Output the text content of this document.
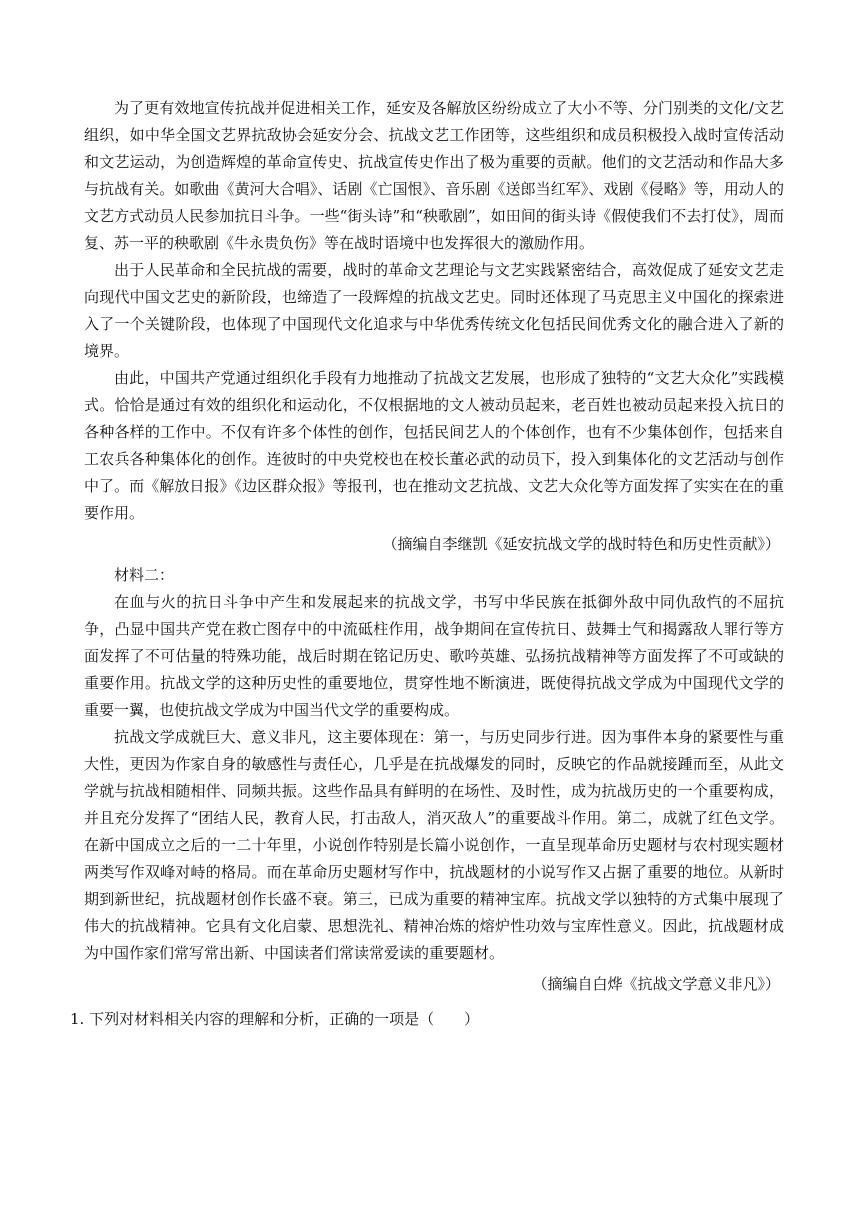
为了更有效地宣传抗战并促进相关工作，延安及各解放区纷纷成立了大小不等、分门别类的文化/文艺组织，如中华全国文艺界抗敌协会延安分会、抗战文艺工作团等，这些组织和成员积极投入战时宣传活动和文艺运动，为创造辉煌的革命宣传史、抗战宣传史作出了极为重要的贡献。他们的文艺活动和作品大多与抗战有关。如歌曲《黄河大合唱》、话剧《亡国恨》、音乐剧《送郎当红军》、戏剧《侵略》等，用动人的文艺方式动员人民参加抗日斗争。一些“街头诗”和“秧歌剧”，如田间的街头诗《假使我们不去打仗》，周而复、苏一平的秧歌剧《牛永贵负伤》等在战时语境中也发挥很大的激励作用。

出于人民革命和全民抗战的需要，战时的革命文艺理论与文艺实践紧密结合，高效促成了延安文艺走向现代中国文艺史的新阶段，也缔造了一段辉煌的抗战文艺史。同时还体现了马克思主义中国化的探索进入了一个关键阶段，也体现了中国现代文化追求与中华优秀传统文化包括民间优秀文化的融合进入了新的境界。

由此，中国共产党通过组织化手段有力地推动了抗战文艺发展，也形成了独特的“文艺大众化”实践模式。恰恰是通过有效的组织化和运动化，不仅根据地的文人被动员起来，老百姓也被动员起来投入抗日的各种各样的工作中。不仅有许多个体性的创作，包括民间艺人的个体创作，也有不少集体创作，包括来自工农兵各种集体化的创作。连彼时的中央党校也在校长董必武的动员下，投入到集体化的文艺活动与创作中了。而《解放日报》《边区群众报》等报刊，也在推动文艺抗战、文艺大众化等方面发挥了实实在在的重要作用。

（摘编自李继凯《延安抗战文学的战时特色和历史性贡献》）

材料二：

在血与火的抗日斗争中产生和发展起来的抗战文学，书写中华民族在抵御外敌中同仇敌忾的不屈抗争，凸显中国共产党在救亡图存中的中流砥柱作用，战争期间在宣传抗日、鼓舞士气和揭露敌人罪行等方面发挥了不可估量的特殊功能，战后时期在铭记历史、歌吟英雄、弘扬抗战精神等方面发挥了不可或缺的重要作用。抗战文学的这种历史性的重要地位，贯穿性地不断演进，既使得抗战文学成为中国现代文学的重要一翼，也使抗战文学成为中国当代文学的重要构成。

抗战文学成就巨大、意义非凡，这主要体现在：第一，与历史同步行进。因为事件本身的紧要性与重大性，更因为作家自身的敏感性与责任心，几乎是在抗战爆发的同时，反映它的作品就接踵而至，从此文学就与抗战相随相伴、同频共振。这些作品具有鲜明的在场性、及时性，成为抗战历史的一个重要构成，并且充分发挥了“团结人民，教育人民，打击敌人，消灭敌人”的重要战斗作用。第二，成就了红色文学。在新中国成立之后的一二十年里，小说创作特别是长篇小说创作，一直呈现革命历史题材与农村现实题材两类写作双峰对峙的格局。而在革命历史题材写作中，抗战题材的小说写作又占据了重要的地位。从新时期到新世纪，抗战题材创作长盛不衰。第三，已成为重要的精神宝库。抗战文学以独特的方式集中展现了伟大的抗战精神。它具有文化启蒙、思想洗礼、精神冶炼的熔炉性功效与宝库性意义。因此，抗战题材成为中国作家们常写常出新、中国读者们常读常爱读的重要题材。

（摘编自白烨《抗战文学意义非凡》）

1. 下列对材料相关内容的理解和分析，正确的一项是（　　）
